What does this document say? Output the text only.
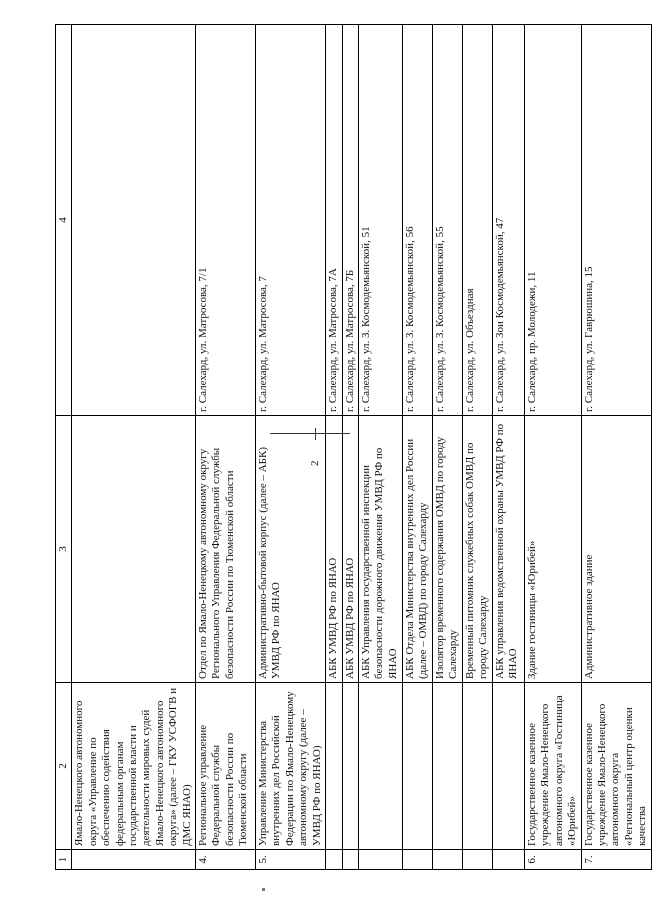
2
1	2	3	4
	Ямало-Ненецкого автономного округа «Управление по обеспечению содействия федеральным органам государственной власти и деятельности мировых судей Ямало-Ненецкого автономного округа» (далее – ГКУ УСФОГВ и ДМС ЯНАО)		
4.	Региональное управление Федеральной службы безопасности России по Тюменской области	Отдел по Ямало-Ненецкому автономному округу Регионального Управления Федеральной службы безопасности России по Тюменской области	г. Салехард, ул. Матросова, 7/1
5.	Управление Министерства внутренних дел Российской Федерации по Ямало-Ненецкому автономному округу (далее – УМВД РФ по ЯНАО)	Административно-бытовой корпус (далее – АБК) УМВД РФ по ЯНАО	г. Салехард, ул. Матросова, 7
		АБК УМВД РФ по ЯНАО	г. Салехард, ул. Матросова, 7А
		АБК УМВД РФ по ЯНАО	г. Салехард, ул. Матросова, 7Б
		АБК Управления государственной инспекции безопасности дорожного движения УМВД РФ по ЯНАО	г. Салехард, ул. З. Космодемьянской, 51
		АБК Отдела Министерства внутренних дел России (далее – ОМВД) по городу Салехарду	г. Салехард, ул. З. Космодемьянской, 56
		Изолятор временного содержания ОМВД по городу Салехарду	г. Салехард, ул. З. Космодемьянской, 55
		Временный питомник служебных собак ОМВД по городу Салехарду	г. Салехард, ул. Объездная
		АБК управления ведомственной охраны УМВД РФ по ЯНАО	г. Салехард, ул. Зои Космодемьянской, 47
6.	Государственное казенное учреждение Ямало-Ненецкого автономного округа «Гостиница «Юрибей»	Здание гостиницы «Юрибей»	г. Салехард, пр. Молодежи, 11
7.	Государственное казенное учреждение Ямало-Ненецкого автономного округа «Региональный центр оценки качества	Административное здание	г. Салехард, ул. Гаврюшина, 15
